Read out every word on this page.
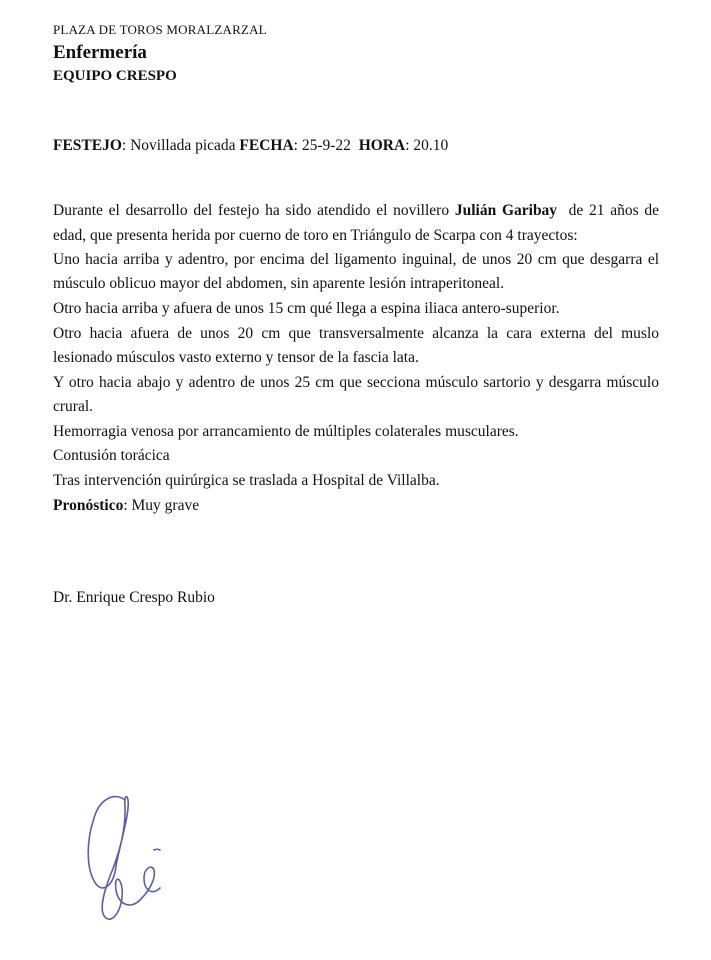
PLAZA DE TOROS MORALZARZAL
Enfermería
EQUIPO CRESPO
FESTEJO: Novillada picada FECHA: 25-9-22  HORA: 20.10
Durante el desarrollo del festejo ha sido atendido el novillero Julián Garibay  de 21 años de
edad, que presenta herida por cuerno de toro en Triángulo de Scarpa con 4 trayectos:
Uno hacia arriba y adentro, por encima del ligamento inguinal, de unos 20 cm que desgarra el
músculo oblicuo mayor del abdomen, sin aparente lesión intraperitoneal.
Otro hacia arriba y afuera de unos 15 cm qué llega a espina iliaca antero-superior.
Otro hacia afuera de unos 20 cm que transversalmente alcanza la cara externa del muslo
lesionado músculos vasto externo y tensor de la fascia lata.
Y otro hacia abajo y adentro de unos 25 cm que secciona músculo sartorio y desgarra músculo
crural.
Hemorragia venosa por arrancamiento de múltiples colaterales musculares.
Contusión torácica
Tras intervención quirúrgica se traslada a Hospital de Villalba.
Pronóstico: Muy grave
Dr. Enrique Crespo Rubio
